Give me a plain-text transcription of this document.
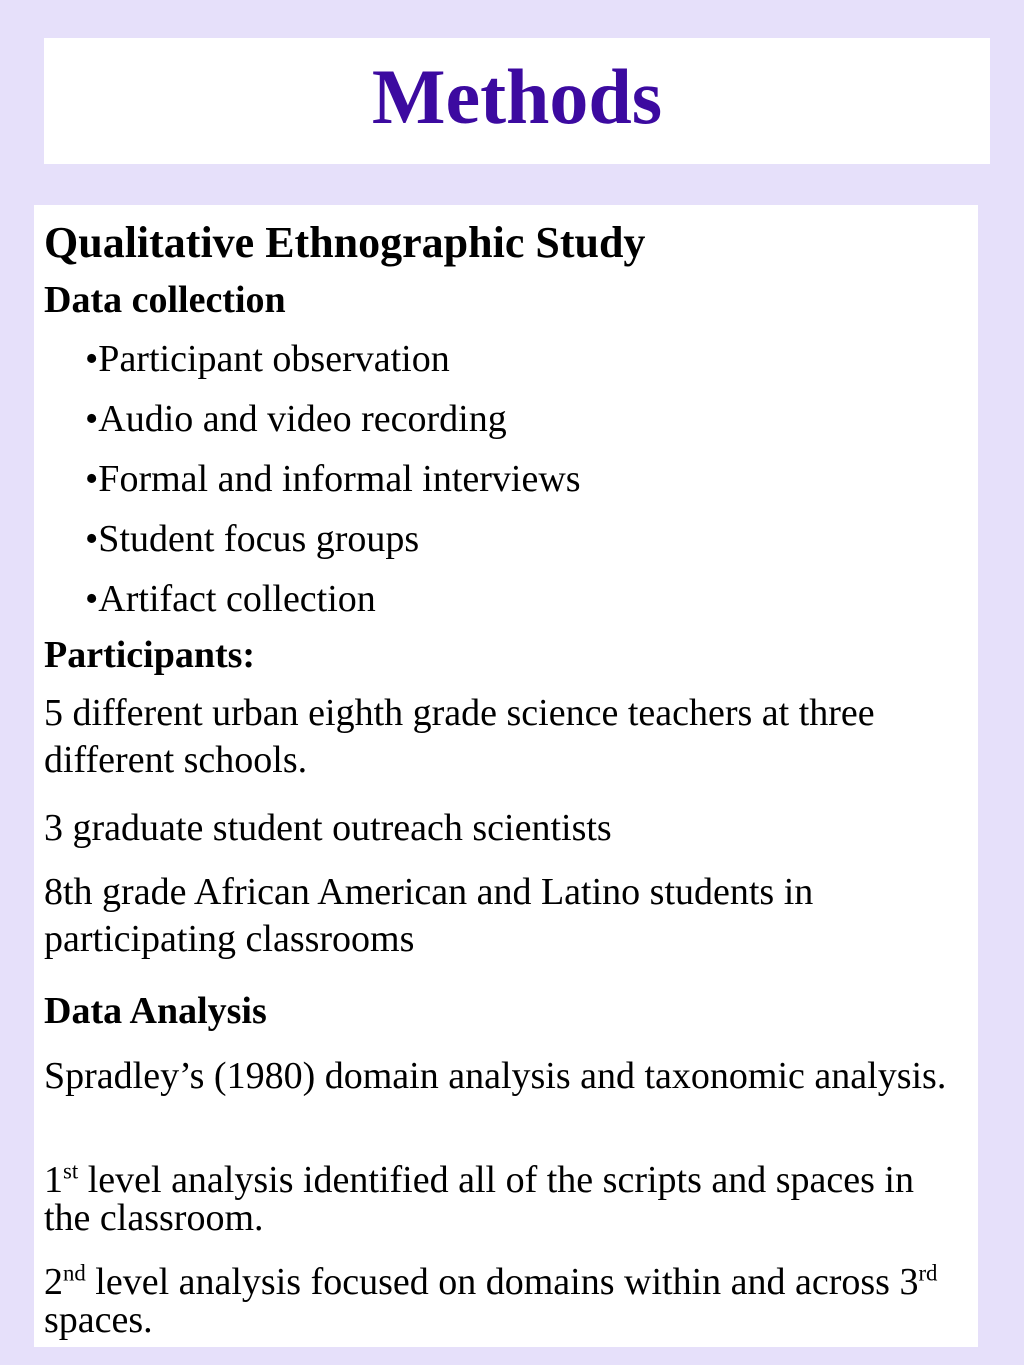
Methods
Qualitative Ethnographic Study
Data collection
•Participant observation
•Audio and video recording
•Formal and informal interviews
•Student focus groups
•Artifact collection
Participants:
5 different urban eighth grade science teachers at three different schools.
3 graduate student outreach scientists
8th grade African American and Latino students in participating classrooms
Data Analysis
Spradley’s (1980) domain analysis and taxonomic analysis.
1st level analysis identified all of the scripts and spaces in the classroom.
2nd level analysis focused on domains within and across 3rd spaces.
